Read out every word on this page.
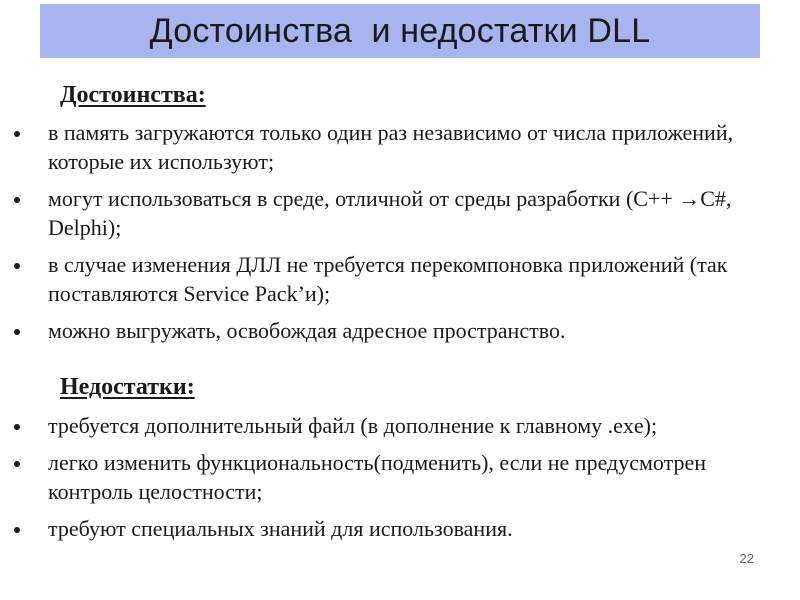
Достоинства  и недостатки DLL
Достоинства:
в память загружаются только один раз независимо от числа приложений, которые их используют;
могут использоваться в среде, отличной от среды разработки (С++ →C#, Delphi);
в случае изменения ДЛЛ не требуется перекомпоновка приложений (так поставляются Service Pack’и);
можно выгружать, освобождая адресное пространство.
Недостатки:
требуется дополнительный файл (в дополнение к главному .exe);
легко изменить функциональность(подменить), если не предусмотрен контроль целостности;
требуют специальных знаний для использования.
22
